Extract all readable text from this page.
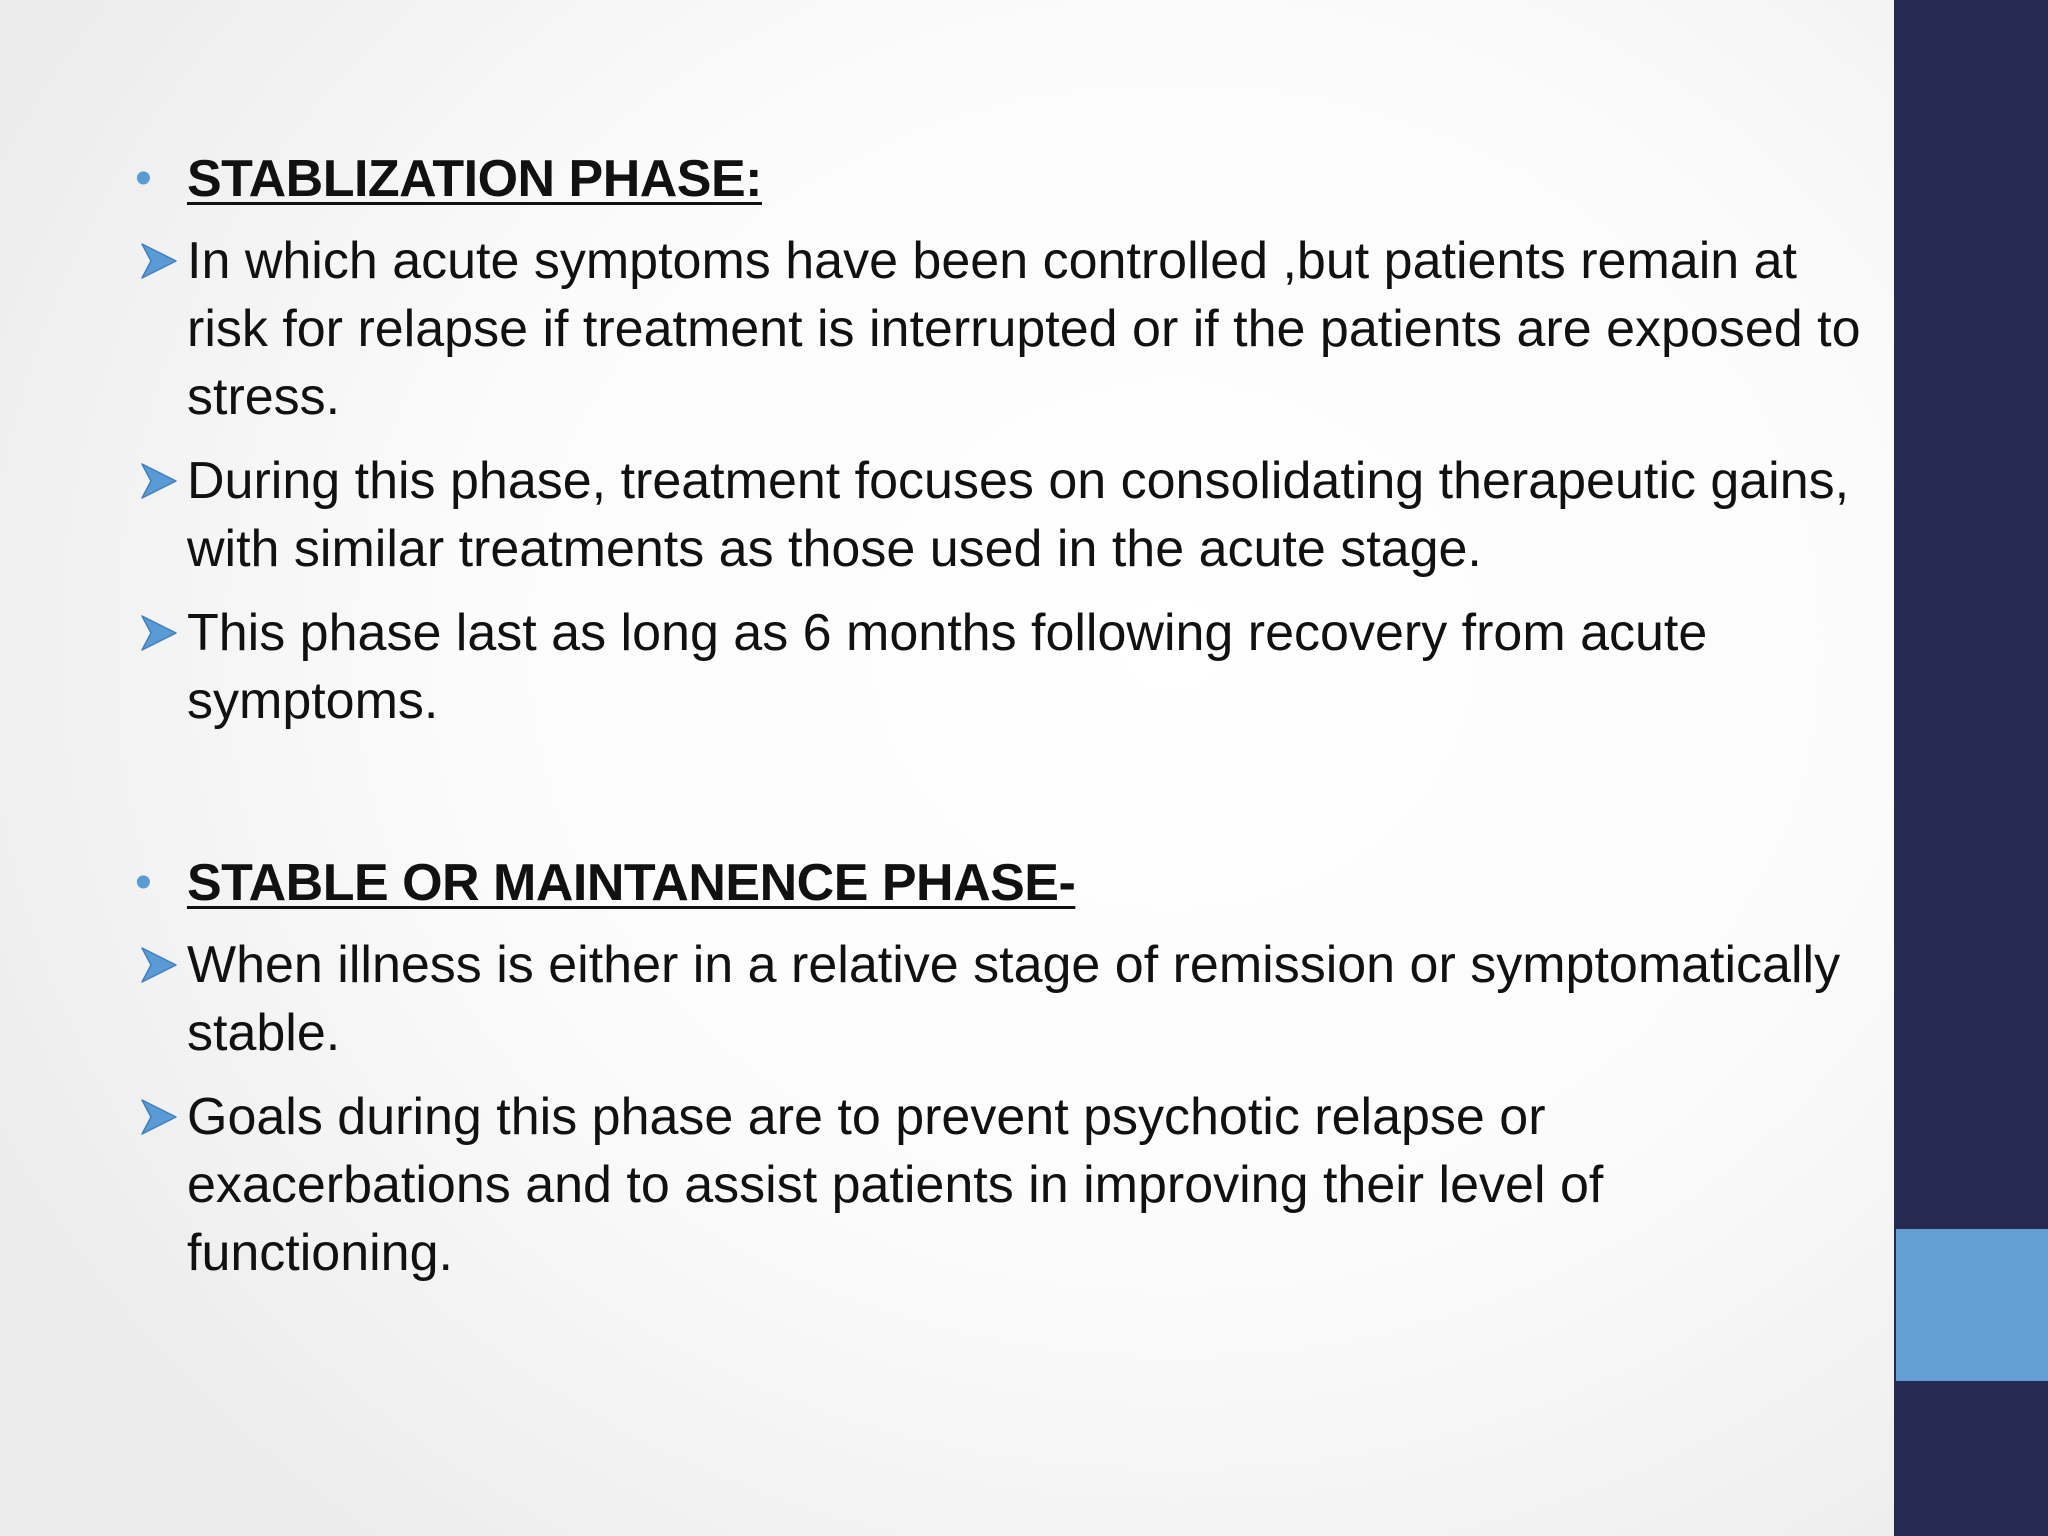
• STABLIZATION PHASE:
In which acute symptoms have been controlled ,but patients remain at risk for relapse if treatment is interrupted or if the patients are exposed to stress.
During this phase, treatment focuses on consolidating therapeutic gains, with similar treatments as those used in the acute stage.
This phase last as long as 6 months following recovery from acute symptoms.
• STABLE OR MAINTANENCE PHASE-
When illness is either in a relative stage of remission or symptomatically stable.
Goals during this phase are to prevent psychotic relapse or exacerbations and to assist patients in improving their level of functioning.
